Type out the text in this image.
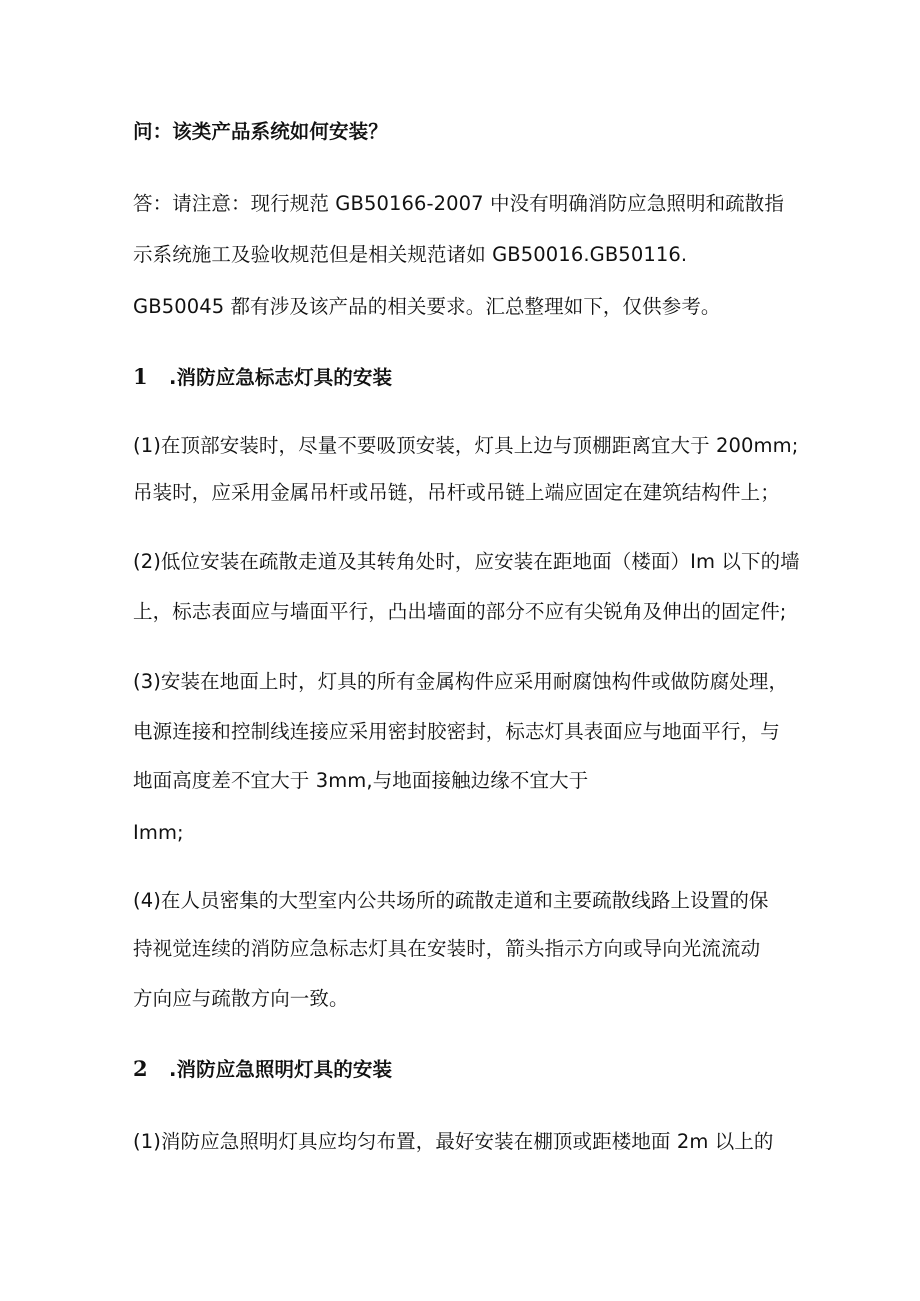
问：该类产品系统如何安装？
答：请注意：现行规范 GB50166-2007 中没有明确消防应急照明和疏散指
示系统施工及验收规范但是相关规范诸如 GB50016.GB50116.
GB50045 都有涉及该产品的相关要求。汇总整理如下，仅供参考。
1	.消防应急标志灯具的安装
(1)在顶部安装时，尽量不要吸顶安装，灯具上边与顶棚距离宜大于 200mm;
吊装时，应采用金属吊杆或吊链，吊杆或吊链上端应固定在建筑结构件上；
(2)低位安装在疏散走道及其转角处时，应安装在距地面（楼面）Im 以下的墙
上，标志表面应与墙面平行，凸出墙面的部分不应有尖锐角及伸出的固定件;
(3)安装在地面上时，灯具的所有金属构件应采用耐腐蚀构件或做防腐处理，
电源连接和控制线连接应采用密封胶密封，标志灯具表面应与地面平行，与
地面高度差不宜大于 3mm,与地面接触边缘不宜大于
Imm;
(4)在人员密集的大型室内公共场所的疏散走道和主要疏散线路上设置的保
持视觉连续的消防应急标志灯具在安装时，箭头指示方向或导向光流流动
方向应与疏散方向一致。
2	.消防应急照明灯具的安装
(1)消防应急照明灯具应均匀布置，最好安装在棚顶或距楼地面 2m 以上的
